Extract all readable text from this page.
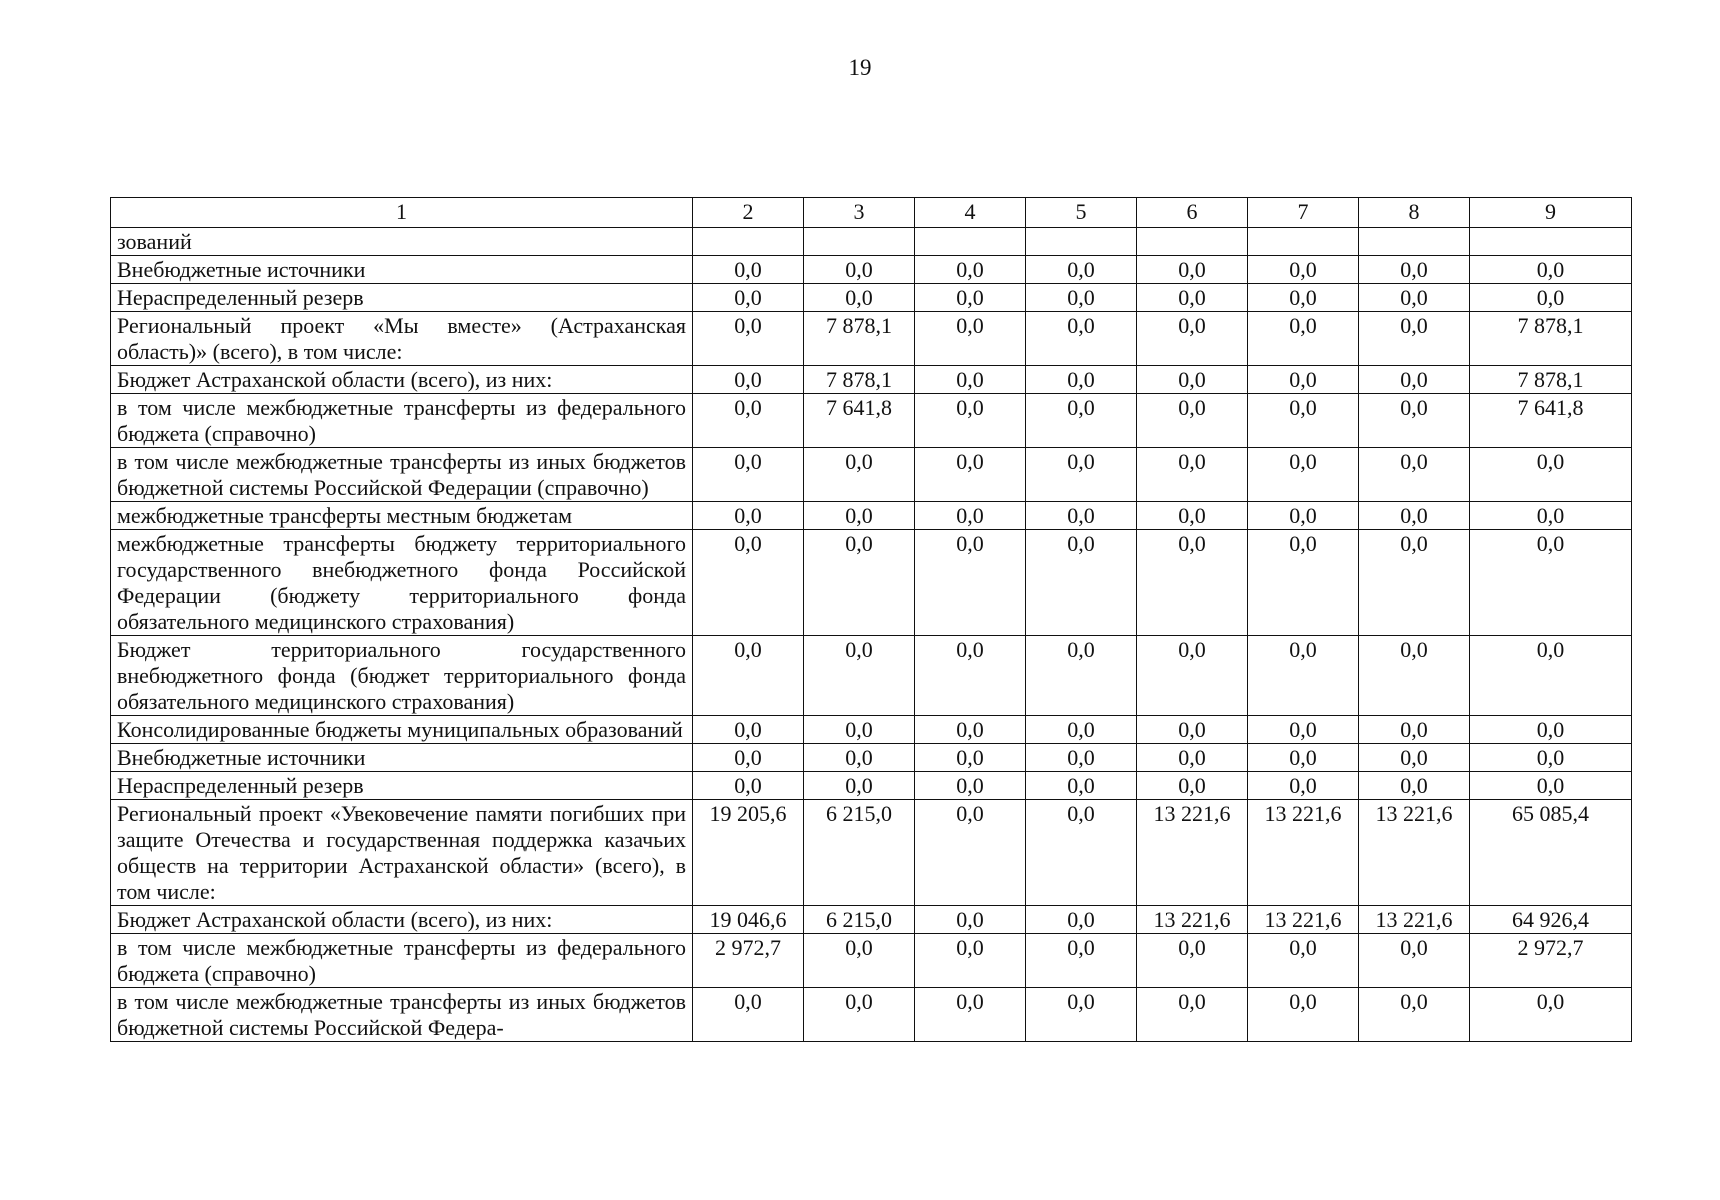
19
1	2	3	4	5	6	7	8	9
зований								
Внебюджетные источники	0,0	0,0	0,0	0,0	0,0	0,0	0,0	0,0
Нераспределенный резерв	0,0	0,0	0,0	0,0	0,0	0,0	0,0	0,0
Региональный проект «Мы вместе» (Астраханская область)» (всего), в том числе:	0,0	7 878,1	0,0	0,0	0,0	0,0	0,0	7 878,1
Бюджет Астраханской области (всего), из них:	0,0	7 878,1	0,0	0,0	0,0	0,0	0,0	7 878,1
в том числе межбюджетные трансферты из федерального бюджета (справочно)	0,0	7 641,8	0,0	0,0	0,0	0,0	0,0	7 641,8
в том числе межбюджетные трансферты из иных бюджетов бюджетной системы Российской Федерации (справочно)	0,0	0,0	0,0	0,0	0,0	0,0	0,0	0,0
межбюджетные трансферты местным бюджетам	0,0	0,0	0,0	0,0	0,0	0,0	0,0	0,0
межбюджетные трансферты бюджету территориального государственного внебюджетного фонда Российской Федерации (бюджету территориального фонда обязательного медицинского страхования)	0,0	0,0	0,0	0,0	0,0	0,0	0,0	0,0
Бюджет территориального государственного внебюджетного фонда (бюджет территориального фонда обязательного медицинского страхования)	0,0	0,0	0,0	0,0	0,0	0,0	0,0	0,0
Консолидированные бюджеты муниципальных образований	0,0	0,0	0,0	0,0	0,0	0,0	0,0	0,0
Внебюджетные источники	0,0	0,0	0,0	0,0	0,0	0,0	0,0	0,0
Нераспределенный резерв	0,0	0,0	0,0	0,0	0,0	0,0	0,0	0,0
Региональный проект «Увековечение памяти погибших при защите Отечества и государственная поддержка казачьих обществ на территории Астраханской области» (всего), в том числе:	19 205,6	6 215,0	0,0	0,0	13 221,6	13 221,6	13 221,6	65 085,4
Бюджет Астраханской области (всего), из них:	19 046,6	6 215,0	0,0	0,0	13 221,6	13 221,6	13 221,6	64 926,4
в том числе межбюджетные трансферты из федерального бюджета (справочно)	2 972,7	0,0	0,0	0,0	0,0	0,0	0,0	2 972,7
в том числе межбюджетные трансферты из иных бюджетов бюджетной системы Российской Федера-	0,0	0,0	0,0	0,0	0,0	0,0	0,0	0,0
